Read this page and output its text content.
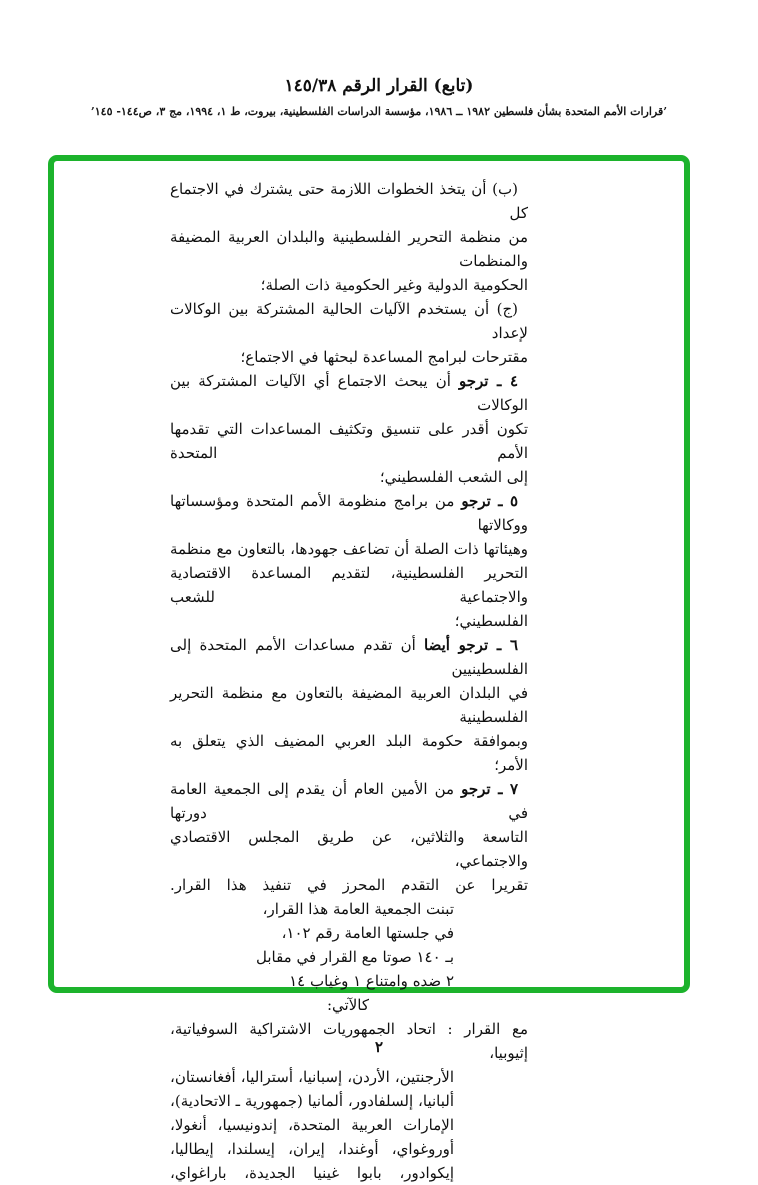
(تابع) القرار الرقم ١٤٥/٣٨
’قرارات الأمم المتحدة بشأن فلسطين ١٩٨٢ ــ ١٩٨٦، مؤسسة الدراسات الفلسطينية، بيروت، ط ١، ١٩٩٤، مج ٣، ص١٤٤- ١٤٥’
(ب) أن يتخذ الخطوات اللازمة حتى يشترك في الاجتماع كل
من منظمة التحرير الفلسطينية والبلدان العربية المضيفة والمنظمات
الحكومية الدولية وغير الحكومية ذات الصلة؛
(ج) أن يستخدم الآليات الحالية المشتركة بين الوكالات لإعداد
مقترحات لبرامج المساعدة لبحثها في الاجتماع؛
٤ ـ ترجو أن يبحث الاجتماع أي الآليات المشتركة بين الوكالات
تكون أقدر على تنسيق وتكثيف المساعدات التي تقدمها الأمم المتحدة
إلى الشعب الفلسطيني؛
٥ ـ ترجو من برامج منظومة الأمم المتحدة ومؤسساتها ووكالاتها
وهيئاتها ذات الصلة أن تضاعف جهودها، بالتعاون مع منظمة
التحرير الفلسطينية، لتقديم المساعدة الاقتصادية والاجتماعية للشعب
الفلسطيني؛
٦ ـ ترجو أيضا أن تقدم مساعدات الأمم المتحدة إلى الفلسطينيين
في البلدان العربية المضيفة بالتعاون مع منظمة التحرير الفلسطينية
وبموافقة حكومة البلد العربي المضيف الذي يتعلق به الأمر؛
٧ ـ ترجو من الأمين العام أن يقدم إلى الجمعية العامة في دورتها
التاسعة والثلاثين، عن طريق المجلس الاقتصادي والاجتماعي،
تقريرا عن التقدم المحرز في تنفيذ هذا القرار.
تبنت الجمعية العامة هذا القرار،
في جلستها العامة رقم ١٠٢،
بـ ١٤٠ صوتا مع القرار في مقابل
٢ ضده وامتناع ١ وغياب ١٤
كالآتي:
مع القرار : اتحاد الجمهوريات الاشتراكية السوفياتية، إثيوبيا،
الأرجنتين، الأردن، إسبانيا، أستراليا، أفغانستان،
ألبانيا، إلسلفادور، ألمانيا (جمهورية ـ الاتحادية)،
الإمارات العربية المتحدة، إندونيسيا، أنغولا،
أوروغواي، أوغندا، إيران، إيسلندا، إيطاليا،
إيكوادور، بابوا غينيا الجديدة، باراغواي،
٢
